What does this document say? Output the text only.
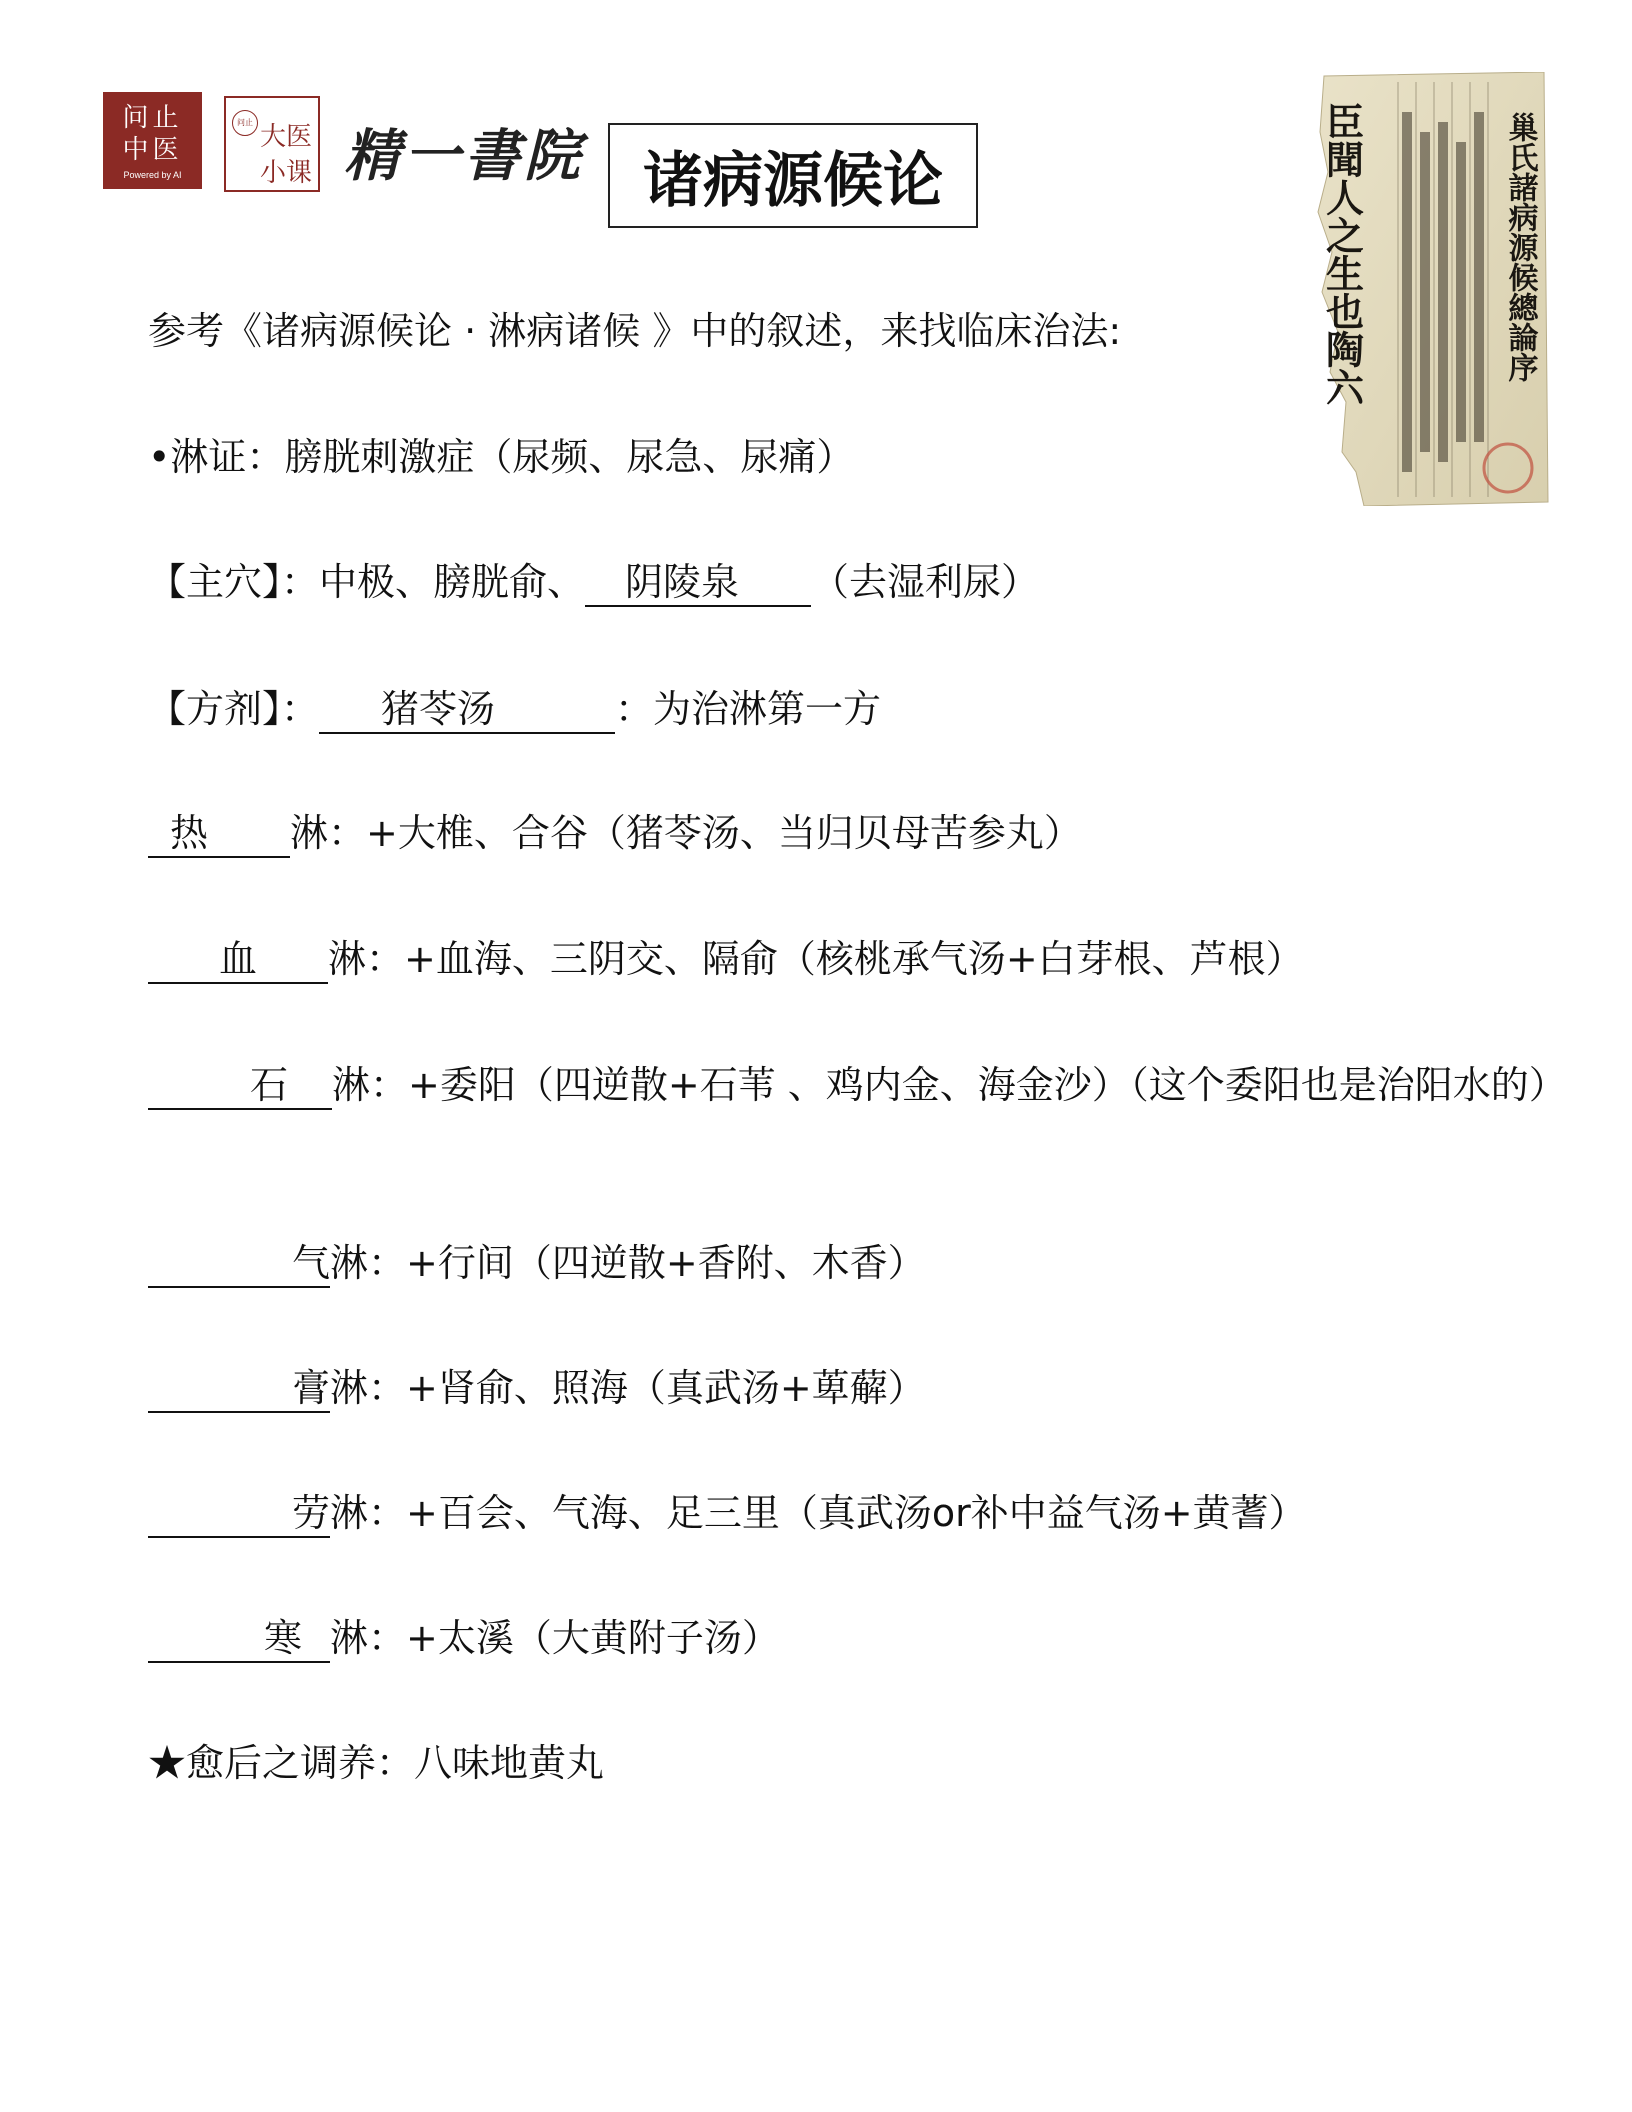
问止
中医
Powered by AI
问止 大医
小课 精一書院 诸病源候论	巢氏諸病源候總論序
臣聞人之生也陶六
参考《诸病源候论 · 淋病诸候 》中的叙述，来找临床治法:
•淋证：膀胱刺激症（尿频、尿急、尿痛）
【主穴】：中极、膀胱俞、 阴陵泉 （去湿利尿）
【方剂】： 猪苓汤	：为治淋第一方
热 淋：+大椎、合谷（猪苓汤、当归贝母苦参丸）
血 淋：+血海、三阴交、隔俞（核桃承气汤+白芽根、芦根）
石 淋：+委阳（四逆散+石苇 、鸡内金、海金沙）（这个委阳也是治阳水的）
气淋：+行间（四逆散+香附、木香）
膏淋：+肾俞、照海（真武汤+萆薢）
劳淋：+百会、气海、足三里（真武汤or补中益气汤+黄蓍）
寒 淋：+太溪（大黄附子汤）
★愈后之调养：八味地黄丸
